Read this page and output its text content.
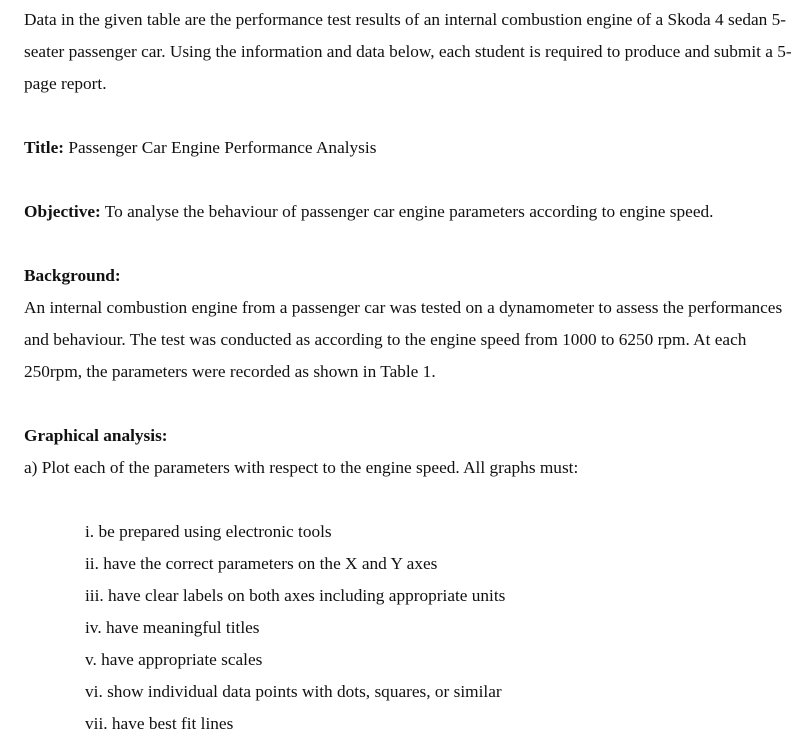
Data in the given table are the performance test results of an internal combustion engine of a Skoda 4 sedan 5-seater passenger car. Using the information and data below, each student is required to produce and submit a 5-page report.

Title: Passenger Car Engine Performance Analysis

Objective: To analyse the behaviour of passenger car engine parameters according to engine speed.

Background:

An internal combustion engine from a passenger car was tested on a dynamometer to assess the performances and behaviour. The test was conducted as according to the engine speed from 1000 to 6250 rpm. At each 250rpm, the parameters were recorded as shown in Table 1.

Graphical analysis:

a) Plot each of the parameters with respect to the engine speed. All graphs must:

i. be prepared using electronic tools
ii. have the correct parameters on the X and Y axes
iii. have clear labels on both axes including appropriate units
iv. have meaningful titles
v. have appropriate scales
vi. show individual data points with dots, squares, or similar
vii. have best fit lines
